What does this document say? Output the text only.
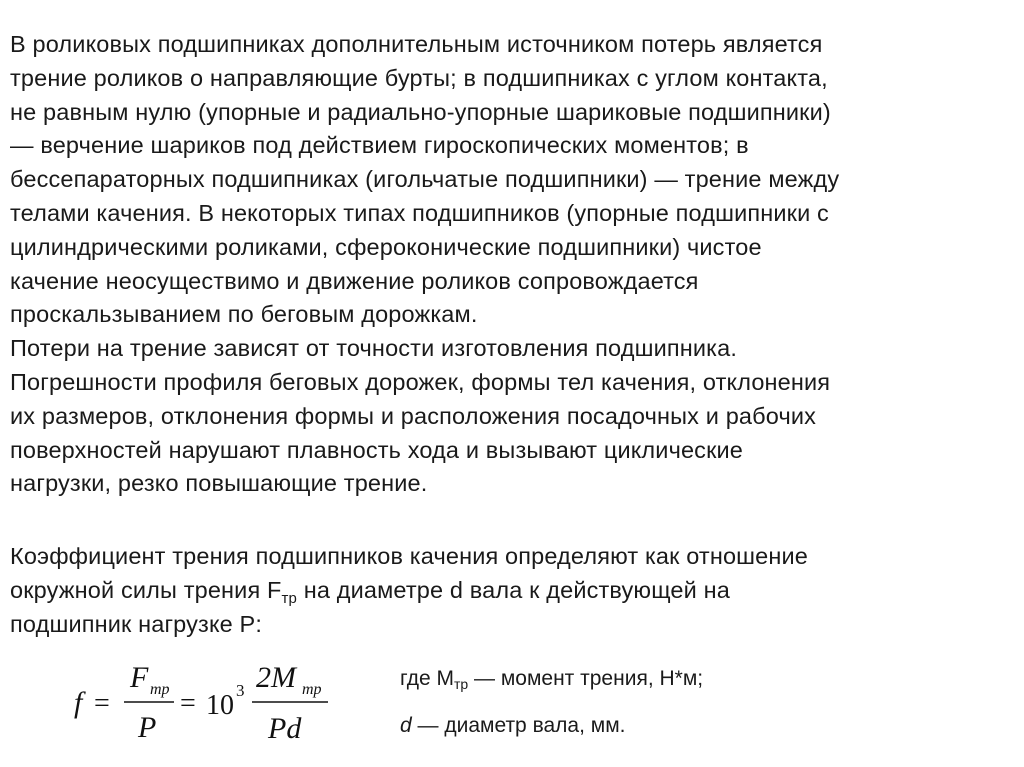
В роликовых подшипниках дополнительным источником потерь является
трение роликов о направляющие бурты; в подшипниках с углом контакта,
не равным нулю (упорные и радиально-упорные шариковые подшипники)
— верчение шариков под действием гироскопических моментов; в
бессепараторных подшипниках (игольчатые подшипники) — трение между
телами качения. В некоторых типах подшипников (упорные подшипники с
цилиндрическими роликами, сфероконические подшипники) чистое
качение неосуществимо и движение роликов сопровождается
проскальзыванием по беговым дорожкам.
Потери на трение зависят от точности изготовления подшипника.
Погрешности профиля беговых дорожек, формы тел качения, отклонения
их размеров, отклонения формы и расположения посадочных и рабочих
поверхностей нарушают плавность хода и вызывают циклические
нагрузки, резко повышающие трение.
Коэффициент трения подшипников качения определяют как отношение
окружной силы трения $F_{тр}$ на диаметре d вала к действующей на
подшипник нагрузке P:
f =
F тр
P
= 10 3 2M тр
Pd
где $M_{тр}$ — момент трения, Н*м;
d — диаметр вала, мм.
